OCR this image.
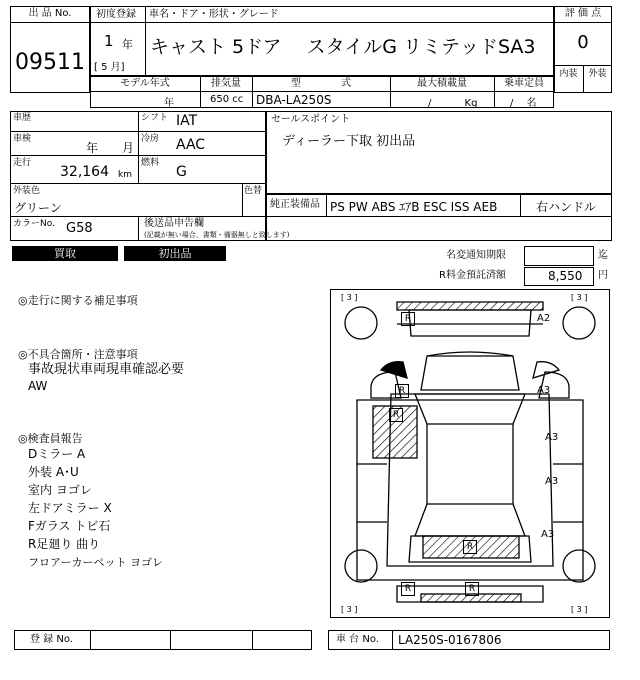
出 品 No.
09511
初度登録
1 年
[ 5 月]
車名・ドア・形状・グレード
キャスト 5ドア　 スタイルG リミテッドSA3
評 価 点
0
内装	外装
モデル年式	排気量	型　　　　式	最大積載量	乗車定員
年	650 cc DBA-LA250S	/　　　 Kg	/　 名
車歴	シフト IAT
車検
年 月
冷房 AAC
走行
32,164 km
燃料
G
外装色
グリーン
色替
カラーNo. G58	後送品申告欄
(記載が無い場合、書類・備器無しと致します)
セールスポイント
ディーラー下取 初出品
純正装備品 PS PW ABS ｴｱB ESC ISS AEB	右ハンドル
買取	初出品	名変通知期限	迄
R料金預託済額	8,550 円
◎走行に関する補足事項
◎不具合箇所・注意事項
事故現状車両現車確認必要
AW
◎検査員報告
Dミラー A
外装 A･U
室内 ヨゴレ
左ドアミラー X
Fガラス トビ石
R足廻り 曲り
フロアーカーペット ヨゴレ
[ 3 ]	[ 3 ]
[ 3 ]	[ 3 ]
A2
R
R
R
R
R	R
A3
A3
A3
A3
登 録 No.	車 台 No. LA250S-0167806
